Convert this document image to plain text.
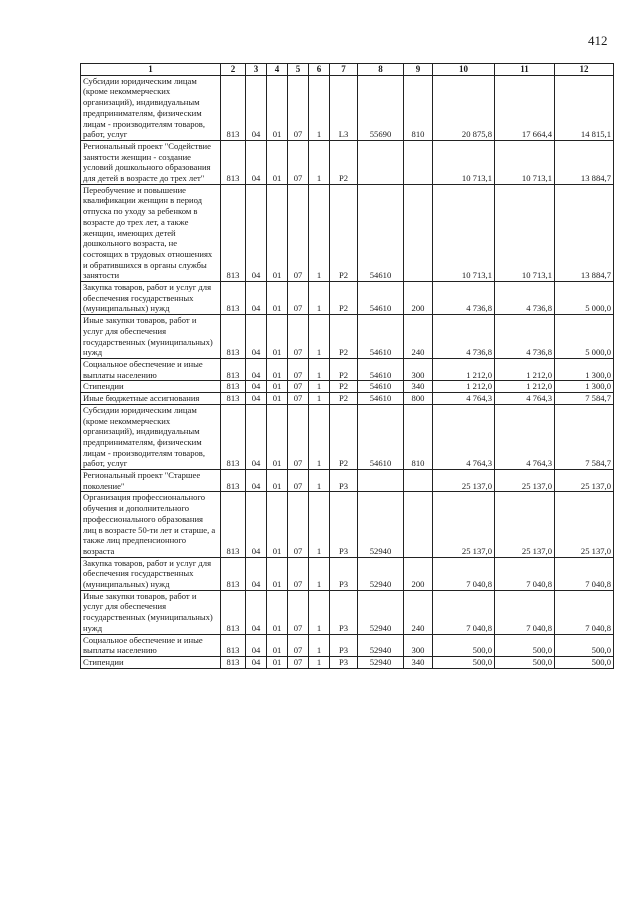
412
1	2	3	4	5	6	7	8	9	10	11	12
Субсидии юридическим лицам (кроме некоммерческих организаций), индивидуальным предпринимателям, физическим лицам - производителям товаров, работ, услуг	813	04	01	07	1	L3	55690	810	20 875,8	17 664,4	14 815,1
Региональный проект "Содействие занятости женщин - создание условий дошкольного образования для детей в возрасте до трех лет"	813	04	01	07	1	P2			10 713,1	10 713,1	13 884,7
Переобучение и повышение квалификации женщин в период отпуска по уходу за ребенком в возрасте до трех лет, а также женщин, имеющих детей дошкольного возраста, не состоящих в трудовых отношениях и обратившихся в органы службы занятости	813	04	01	07	1	P2	54610		10 713,1	10 713,1	13 884,7
Закупка товаров, работ и услуг для обеспечения государственных (муниципальных) нужд	813	04	01	07	1	P2	54610	200	4 736,8	4 736,8	5 000,0
Иные закупки товаров, работ и услуг для обеспечения государственных (муниципальных) нужд	813	04	01	07	1	P2	54610	240	4 736,8	4 736,8	5 000,0
Социальное обеспечение и иные выплаты населению	813	04	01	07	1	P2	54610	300	1 212,0	1 212,0	1 300,0
Стипендии	813	04	01	07	1	P2	54610	340	1 212,0	1 212,0	1 300,0
Иные бюджетные ассигнования	813	04	01	07	1	P2	54610	800	4 764,3	4 764,3	7 584,7
Субсидии юридическим лицам (кроме некоммерческих организаций), индивидуальным предпринимателям, физическим лицам - производителям товаров, работ, услуг	813	04	01	07	1	P2	54610	810	4 764,3	4 764,3	7 584,7
Региональный проект "Старшее поколение"	813	04	01	07	1	P3			25 137,0	25 137,0	25 137,0
Организация профессионального обучения и дополнительного профессионального образования лиц в возрасте 50-ти лет и старше, а также лиц предпенсионного возраста	813	04	01	07	1	P3	52940		25 137,0	25 137,0	25 137,0
Закупка товаров, работ и услуг для обеспечения государственных (муниципальных) нужд	813	04	01	07	1	P3	52940	200	7 040,8	7 040,8	7 040,8
Иные закупки товаров, работ и услуг для обеспечения государственных (муниципальных) нужд	813	04	01	07	1	P3	52940	240	7 040,8	7 040,8	7 040,8
Социальное обеспечение и иные выплаты населению	813	04	01	07	1	P3	52940	300	500,0	500,0	500,0
Стипендии	813	04	01	07	1	P3	52940	340	500,0	500,0	500,0
